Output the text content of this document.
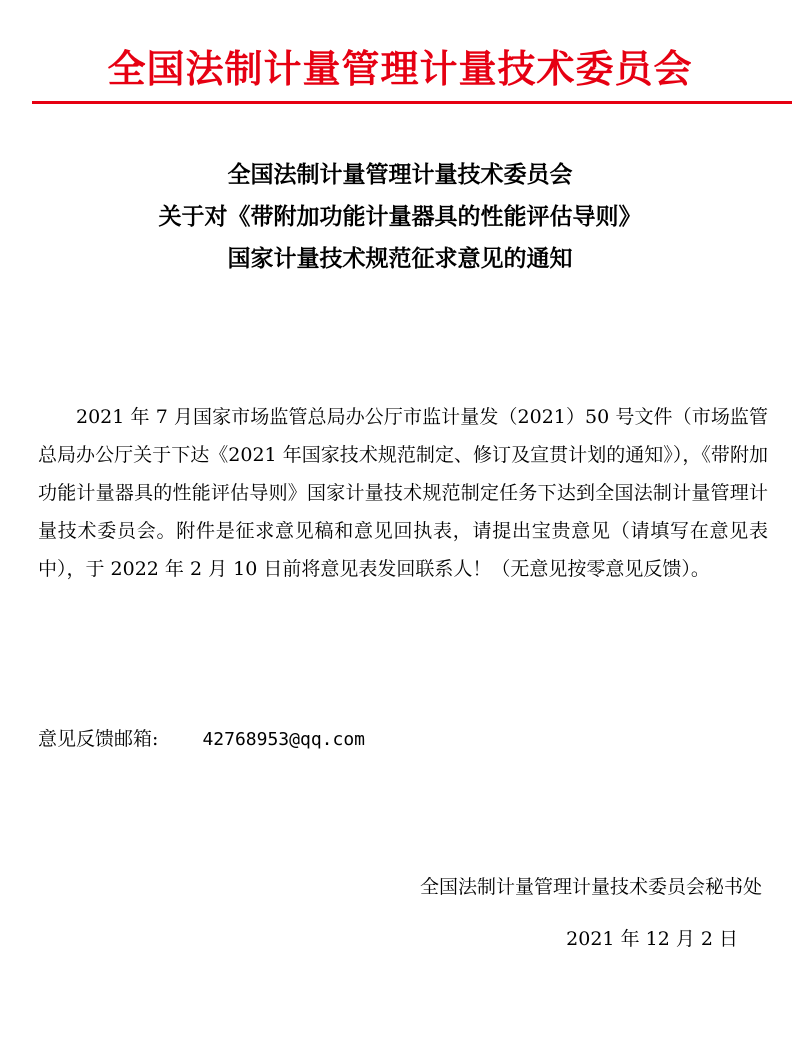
全国法制计量管理计量技术委员会
全国法制计量管理计量技术委员会
关于对《带附加功能计量器具的性能评估导则》
国家计量技术规范征求意见的通知
2021 年 7 月国家市场监管总局办公厅市监计量发（2021）50 号文件（市场监管总局办公厅关于下达《2021 年国家技术规范制定、修订及宣贯计划的通知》），《带附加功能计量器具的性能评估导则》国家计量技术规范制定任务下达到全国法制计量管理计量技术委员会。附件是征求意见稿和意见回执表，请提出宝贵意见（请填写在意见表中），于 2022 年 2 月 10 日前将意见表发回联系人！（无意见按零意见反馈）。
意见反馈邮箱: 42768953@qq.com
全国法制计量管理计量技术委员会秘书处
2021 年 12 月 2 日
